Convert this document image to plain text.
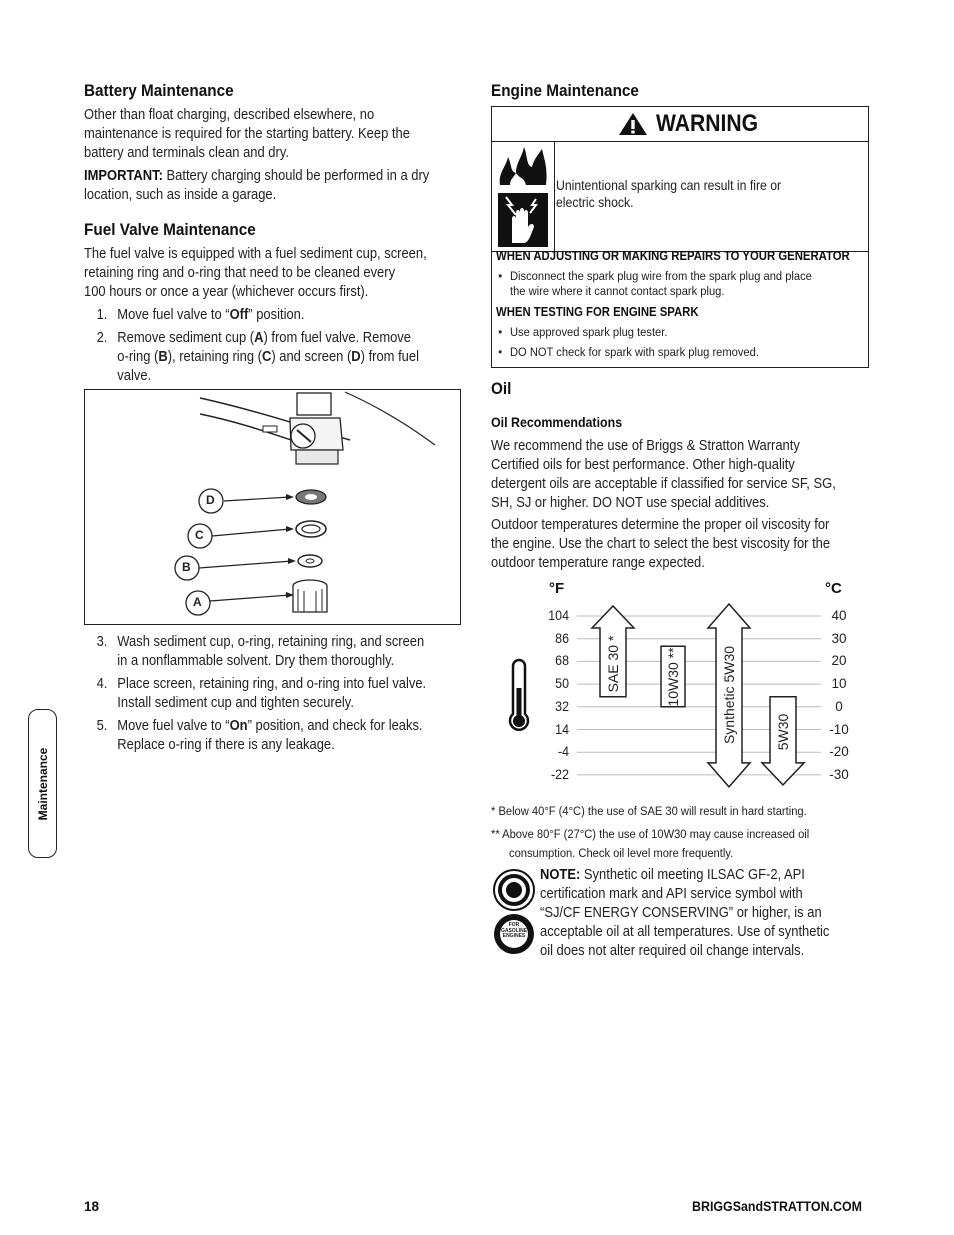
Battery Maintenance
Other than float charging, described elsewhere, no
maintenance is required for the starting battery. Keep the
battery and terminals clean and dry.
IMPORTANT: Battery charging should be performed in a dry
location, such as inside a garage.
Fuel Valve Maintenance
The fuel valve is equipped with a fuel sediment cup, screen,
retaining ring and o-ring that need to be cleaned every
100 hours or once a year (whichever occurs first).
1. Move fuel valve to “Off” position.
2. Remove sediment cup (A) from fuel valve. Remove
o-ring (B), retaining ring (C) and screen (D) from fuel
valve.
D
C
B
A
3. Wash sediment cup, o-ring, retaining ring, and screen
in a nonflammable solvent. Dry them thoroughly.
4. Place screen, retaining ring, and o-ring into fuel valve.
Install sediment cup and tighten securely.
5. Move fuel valve to “On” position, and check for leaks.
Replace o-ring if there is any leakage.
Maintenance
Engine Maintenance
WARNING
Unintentional sparking can result in fire or
electric shock.
WHEN ADJUSTING OR MAKING REPAIRS TO YOUR GENERATOR
• Disconnect the spark plug wire from the spark plug and place
the wire where it cannot contact spark plug.
WHEN TESTING FOR ENGINE SPARK
• Use approved spark plug tester.
• DO NOT check for spark with spark plug removed.
Oil
Oil Recommendations
We recommend the use of Briggs & Stratton Warranty
Certified oils for best performance. Other high-quality
detergent oils are acceptable if classified for service SF, SG,
SH, SJ or higher. DO NOT use special additives.
Outdoor temperatures determine the proper oil viscosity for
the engine. Use the chart to select the best viscosity for the
outdoor temperature range expected.
°F	°C
104	40
86	30
68	20
50	10
32	0
14	-10
-4	-20
-22	-30
SAE 30 *	10W30 **	Synthetic 5W30	5W30
* Below 40°F (4°C) the use of SAE 30 will result in hard starting.
** Above 80°F (27°C) the use of 10W30 may cause increased oil
consumption. Check oil level more frequently.
FOR
GASOLINE
ENGINES
NOTE: Synthetic oil meeting ILSAC GF-2, API
certification mark and API service symbol with
“SJ/CF ENERGY CONSERVING” or higher, is an
acceptable oil at all temperatures. Use of synthetic
oil does not alter required oil change intervals.
18	BRIGGSandSTRATTON.COM
